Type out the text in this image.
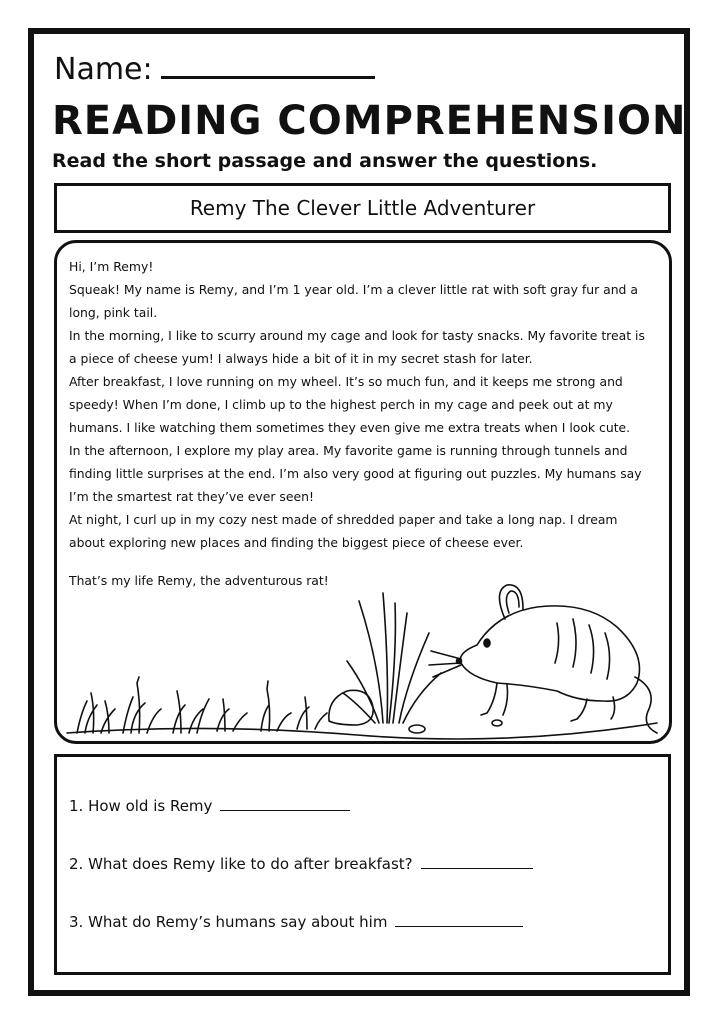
Name:
READING COMPREHENSION
Read the short passage and answer the questions.
Remy The Clever Little Adventurer

Hi, I’m Remy!

Squeak! My name is Remy, and I’m 1 year old. I’m a clever little rat with soft gray fur and a long, pink tail.

In the morning, I like to scurry around my cage and look for tasty snacks. My favorite treat is a piece of cheese yum! I always hide a bit of it in my secret stash for later.

After breakfast, I love running on my wheel. It’s so much fun, and it keeps me strong and speedy! When I’m done, I climb up to the highest perch in my cage and peek out at my humans. I like watching them sometimes they even give me extra treats when I look cute.

In the afternoon, I explore my play area. My favorite game is running through tunnels and finding little surprises at the end. I’m also very good at figuring out puzzles. My humans say I’m the smartest rat they’ve ever seen!

At night, I curl up in my cozy nest made of shredded paper and take a long nap. I dream about exploring new places and finding the biggest piece of cheese ever.

That’s my life Remy, the adventurous rat!

1. How old is Remy
2. What does Remy like to do after breakfast?
3. What do Remy’s humans say about him
